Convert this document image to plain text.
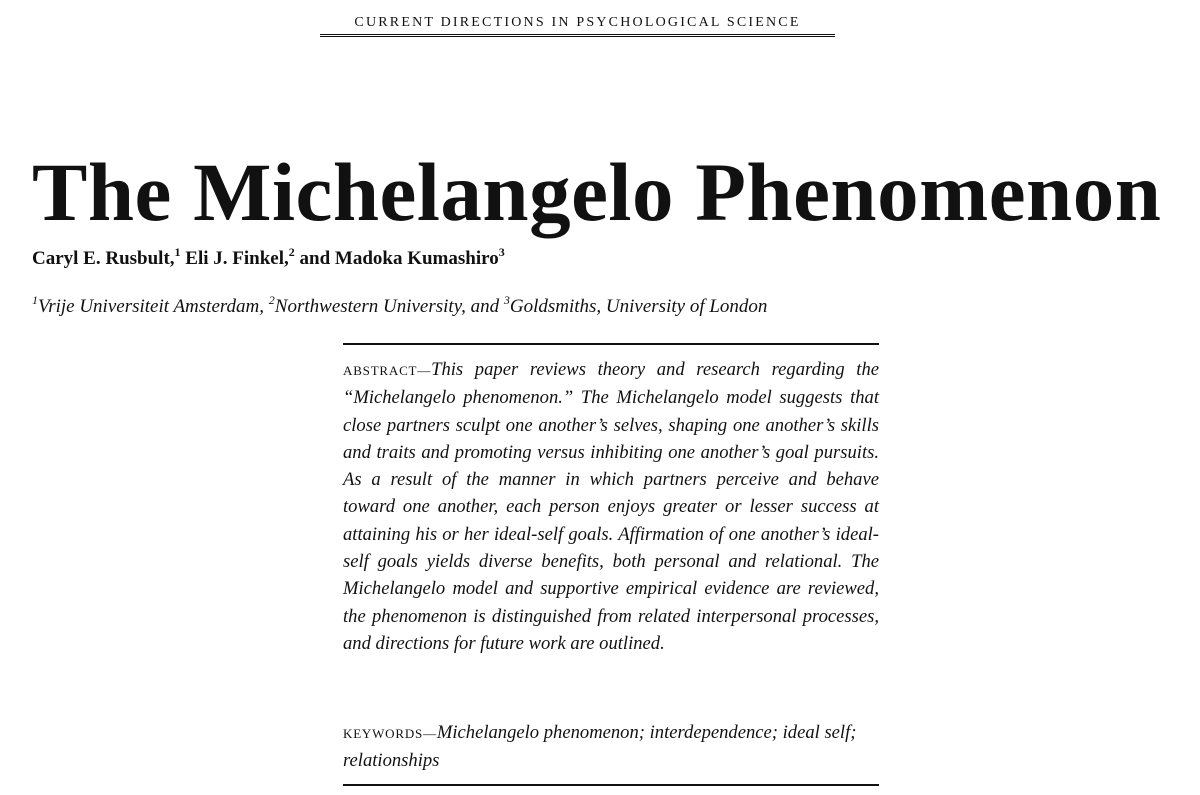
CURRENT DIRECTIONS IN PSYCHOLOGICAL SCIENCE
The Michelangelo Phenomenon
Caryl E. Rusbult,$^1$ Eli J. Finkel,$^2$ and Madoka Kumashiro$^3$
$^1$Vrije Universiteit Amsterdam, $^2$Northwestern University, and $^3$Goldsmiths, University of London

ABSTRACT—This paper reviews theory and research regarding the “Michelangelo phenomenon.” The Michelangelo model suggests that close partners sculpt one another’s selves, shaping one another’s skills and traits and promoting versus inhibiting one another’s goal pursuits. As a result of the manner in which partners perceive and behave toward one another, each person enjoys greater or lesser success at attaining his or her ideal-self goals. Affirmation of one another’s ideal-self goals yields diverse benefits, both personal and relational. The Michelangelo model and supportive empirical evidence are reviewed, the phenomenon is distinguished from related interpersonal processes, and directions for future work are outlined.

KEYWORDS—Michelangelo phenomenon; interdependence; ideal self; relationships
